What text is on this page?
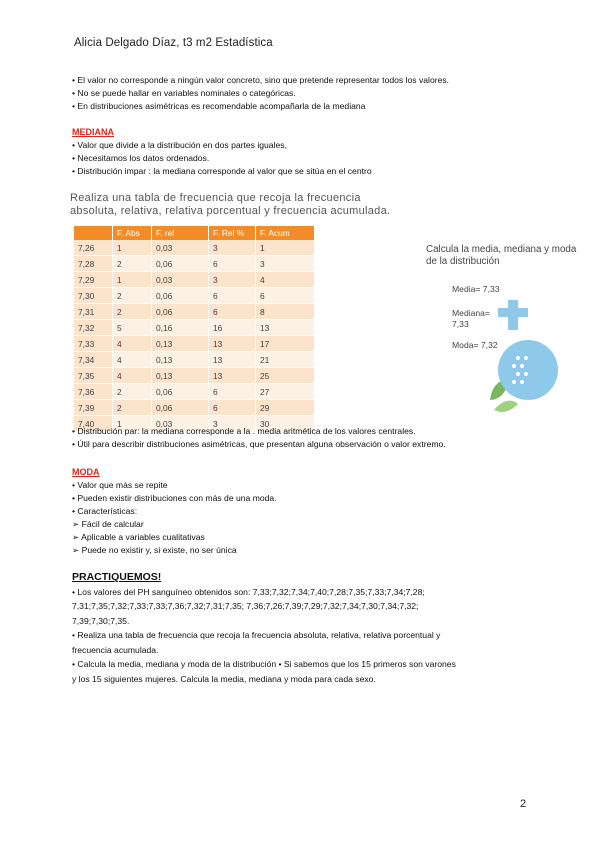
Alicia Delgado Díaz, t3 m2 Estadística

• El valor no corresponde a ningún valor concreto, sino que pretende representar todos los valores.

• No se puede hallar en variables nominales o categóricas.

• En distribuciones asimétricas es recomendable acompañarla de la mediana

MEDIANA

• Valor que divide a la distribución en dos partes iguales,

• Necesitamos los datos ordenados.

• Distribución impar : la mediana corresponde al valor que se sitúa en el centro

Realiza una tabla de frecuencia que recoja la frecuencia

absoluta, relativa, relativa porcentual y frecuencia acumulada.

	F. Abs	F. rel	F. Rel %	F. Acum
7,26	1	0,03	3	1
7,28	2	0,06	6	3
7,29	1	0,03	3	4
7,30	2	0,06	6	6
7,31	2	0,06	6	8
7,32	5	0,16	16	13
7,33	4	0,13	13	17
7,34	4	0,13	13	21
7,35	4	0,13	13	25
7,36	2	0,06	6	27
7,39	2	0,06	6	29
7,40	1	0,03	3	30
Calcula la media, mediana y moda de la distribución
Media= 7,33
Mediana=
7,33
Moda= 7,32

• Distribución par: la mediana corresponde a la . media aritmética de los valores centrales.

• Útil para describir distribuciones asimétricas, que presentan alguna observación o valor extremo.

MODA

• Valor que más se repite

• Pueden existir distribuciones con más de una moda.

• Características:

➢ Fácil de calcular

➢ Aplicable a variables cualitativas

➢ Puede no existir y, si existe, no ser única

PRACTIQUEMOS!

• Los valores del PH sanguíneo obtenidos son: 7,33;7,32;7,34;7,40;7,28;7,35;7,33;7,34;7,28;

7,31;7,35;7,32;7,33;7,33;7,36;7,32;7,31;7,35; 7,36;7,26;7,39;7,29;7,32;7,34;7,30;7,34;7,32;

7,39;7,30;7,35.

• Realiza una tabla de frecuencia que recoja la frecuencia absoluta, relativa, relativa porcentual y

frecuencia acumulada.

• Calcula la media, mediana y moda de la distribución • Si sabemos que los 15 primeros son varones

y los 15 siguientes mujeres. Calcula la media, mediana y moda para cada sexo.

2
